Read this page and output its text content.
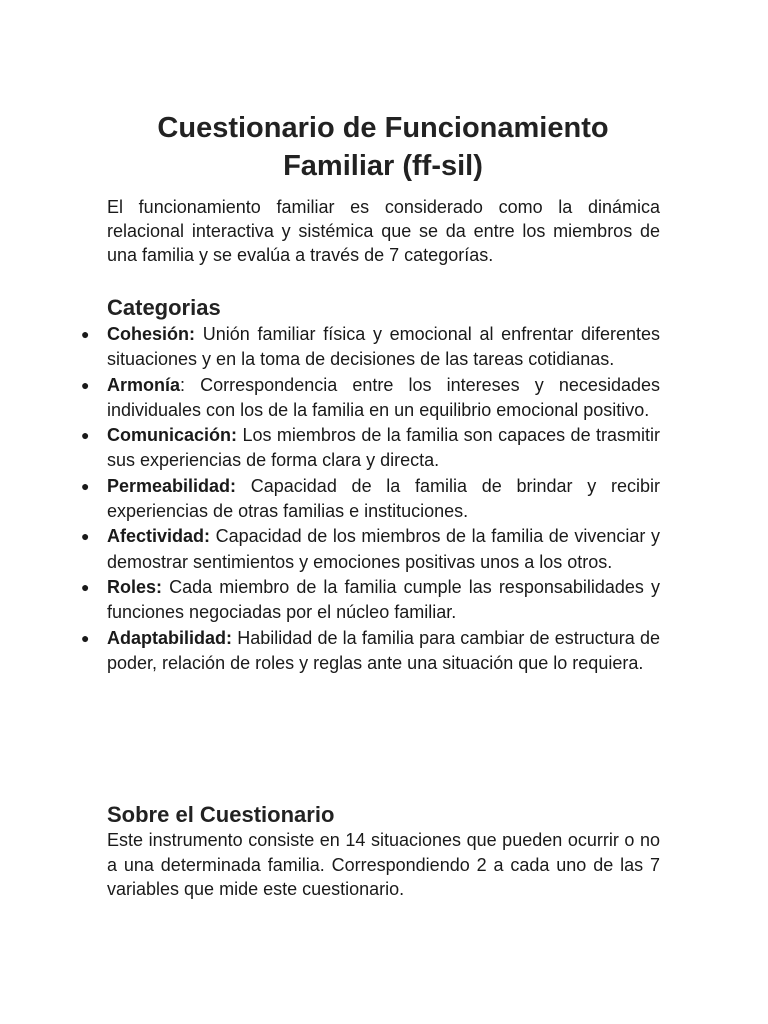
Cuestionario de Funcionamiento Familiar (ff-sil)

El funcionamiento familiar es considerado como la dinámica relacional interactiva y sistémica que se da entre los miembros de una familia y se evalúa a través de 7 categorías.

Categorias
● Cohesión: Unión familiar física y emocional al enfrentar diferentes situaciones y en la toma de decisiones de las tareas cotidianas.
● Armonía: Correspondencia entre los intereses y necesidades individuales con los de la familia en un equilibrio emocional positivo.
● Comunicación: Los miembros de la familia son capaces de trasmitir sus experiencias de forma clara y directa.
● Permeabilidad: Capacidad de la familia de brindar y recibir experiencias de otras familias e instituciones.
● Afectividad: Capacidad de los miembros de la familia de vivenciar y demostrar sentimientos y emociones positivas unos a los otros.
● Roles: Cada miembro de la familia cumple las responsabilidades y funciones negociadas por el núcleo familiar.
● Adaptabilidad: Habilidad de la familia para cambiar de estructura de poder, relación de roles y reglas ante una situación que lo requiera.
Sobre el Cuestionario

Este instrumento consiste en 14 situaciones que pueden ocurrir o no a una determinada familia. Correspondiendo 2 a cada uno de las 7 variables que mide este cuestionario.
